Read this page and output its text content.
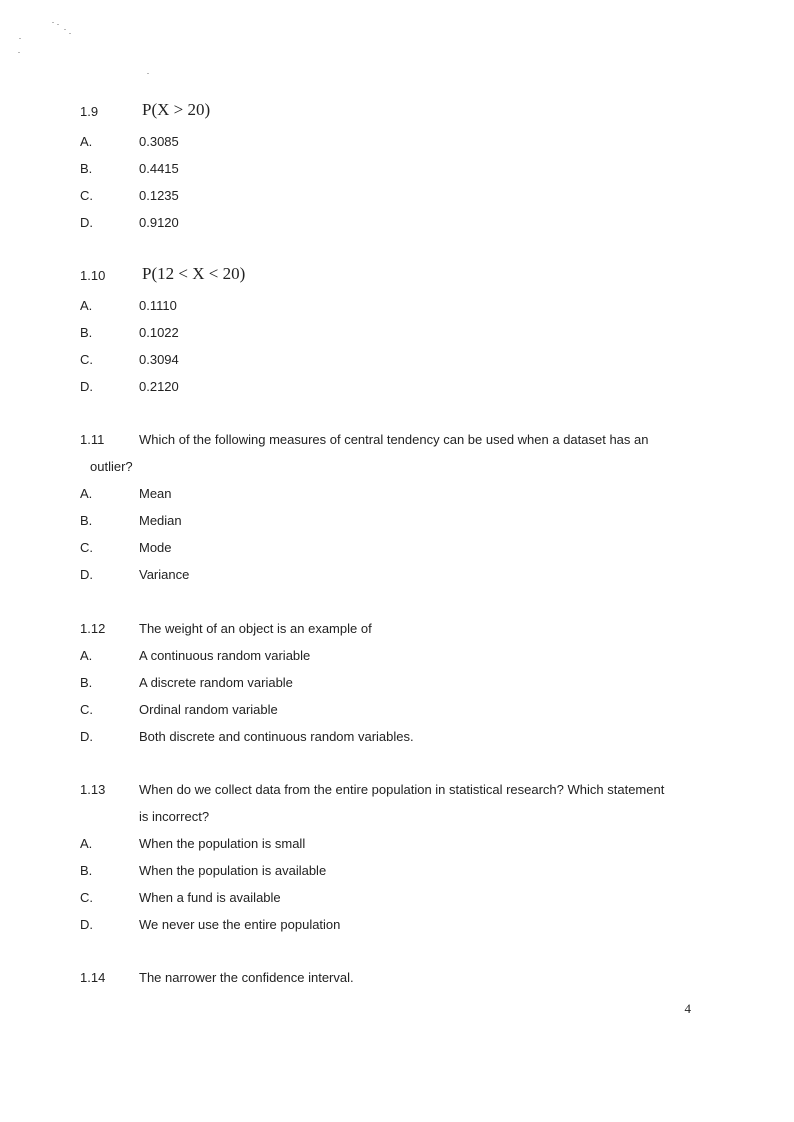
1.9	P(X > 20)
A.	0.3085
B.	0.4415
C.	0.1235
D.	0.9120
1.10 P(12 < X < 20)
A.	0.1110
B.	0.1022
C.	0.3094
D.	0.2120
1.11	Which of the following measures of central tendency can be used when a dataset has an
outlier?
A.	Mean
B.	Median
C.	Mode
D.	Variance
1.12	The weight of an object is an example of
A.	A continuous random variable
B.	A discrete random variable
C.	Ordinal random variable
D.	Both discrete and continuous random variables.
1.13	When do we collect data from the entire population in statistical research? Which statement
is incorrect?
A.	When the population is small
B.	When the population is available
C.	When a fund is available
D.	We never use the entire population
1.14	The narrower the confidence interval.
4
